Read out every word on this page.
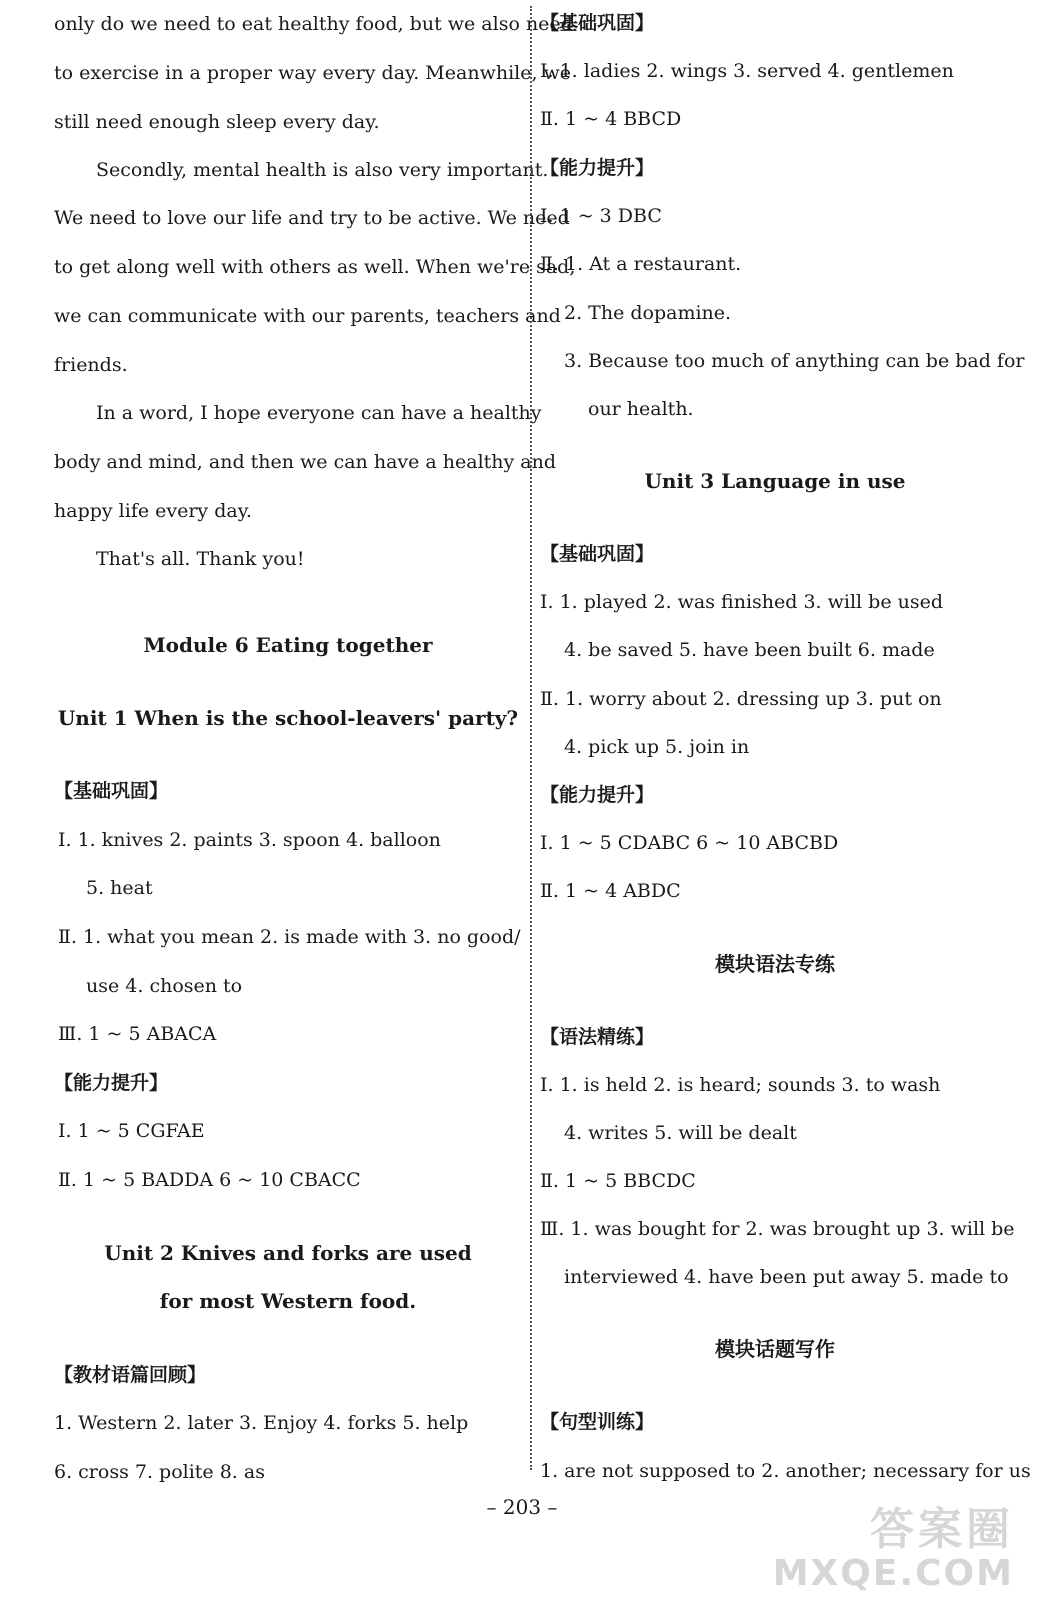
only do we need to eat healthy food, but we also need
to exercise in a proper way every day. Meanwhile, we
still need enough sleep every day.
Secondly, mental health is also very important.
We need to love our life and try to be active. We need
to get along well with others as well. When we're sad,
we can communicate with our parents, teachers and
friends.
In a word, I hope everyone can have a healthy
body and mind, and then we can have a healthy and
happy life every day.
That's all. Thank you!
Module 6 Eating together
Unit 1 When is the school-leavers' party?
【基础巩固】
Ⅰ. 1. knives 2. paints 3. spoon 4. balloon
5. heat
Ⅱ. 1. what you mean 2. is made with 3. no good/
use 4. chosen to
Ⅲ. 1 ~ 5 ABACA
【能力提升】
Ⅰ. 1 ~ 5 CGFAE
Ⅱ. 1 ~ 5 BADDA 6 ~ 10 CBACC
Unit 2 Knives and forks are used
for most Western food.
【教材语篇回顾】
1. Western 2. later 3. Enjoy 4. forks 5. help
6. cross 7. polite 8. as
【基础巩固】
Ⅰ. 1. ladies 2. wings 3. served 4. gentlemen
Ⅱ. 1 ~ 4 BBCD
【能力提升】
Ⅰ. 1 ~ 3 DBC
Ⅱ. 1. At a restaurant.
2. The dopamine.
3. Because too much of anything can be bad for
our health.
Unit 3 Language in use
【基础巩固】
Ⅰ. 1. played 2. was finished 3. will be used
4. be saved 5. have been built 6. made
Ⅱ. 1. worry about 2. dressing up 3. put on
4. pick up 5. join in
【能力提升】
Ⅰ. 1 ~ 5 CDABC 6 ~ 10 ABCBD
Ⅱ. 1 ~ 4 ABDC
模块语法专练
【语法精练】
Ⅰ. 1. is held 2. is heard; sounds 3. to wash
4. writes 5. will be dealt
Ⅱ. 1 ~ 5 BBCDC
Ⅲ. 1. was bought for 2. was brought up 3. will be
interviewed 4. have been put away 5. made to
模块话题写作
【句型训练】
1. are not supposed to 2. another; necessary for us
– 203 –	答案圈
MXQE.COM
